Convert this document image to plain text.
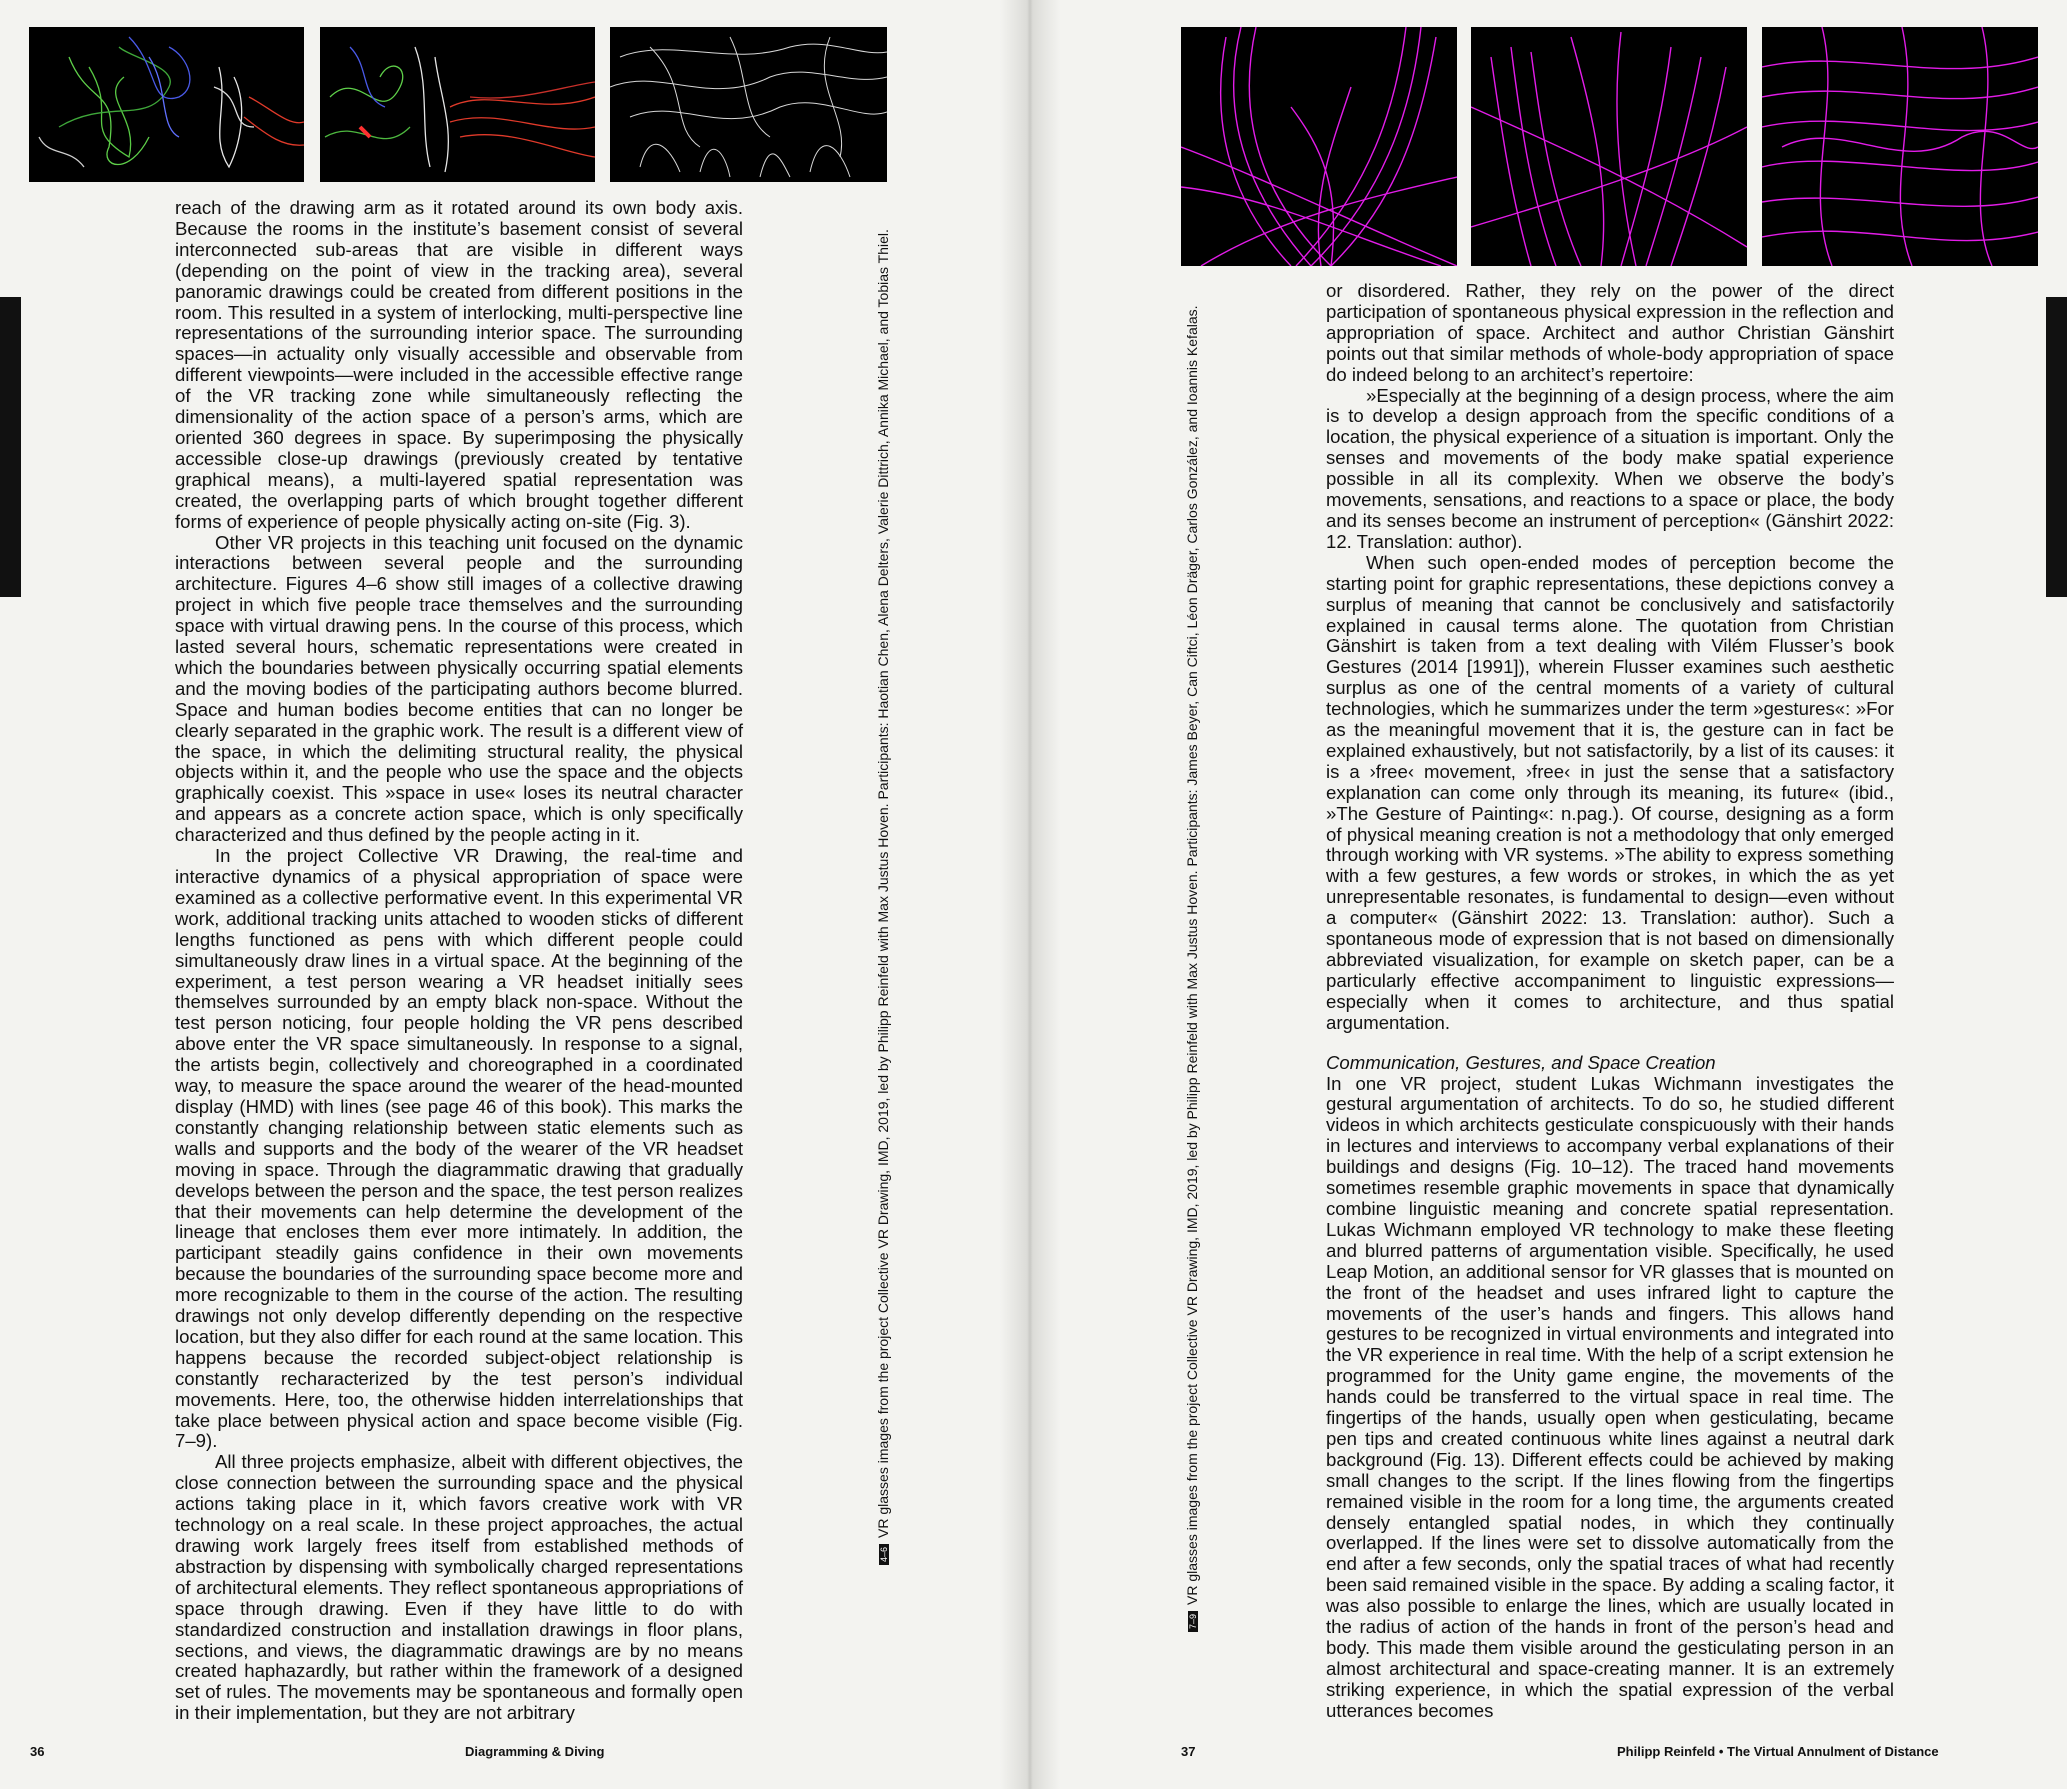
reach of the drawing arm as it rotated around its own body axis. Because the rooms in the institute’s basement consist of several interconnected sub-areas that are visible in different ways (depending on the point of view in the tracking area), several panoramic drawings could be created from different positions in the room. This resulted in a system of interlocking, multi-perspective line representations of the surrounding interior space. The surrounding spaces—in actuality only visually accessible and observable from different viewpoints—were included in the accessible effective range of the VR tracking zone while simultaneously reflecting the dimensionality of the action space of a person’s arms, which are oriented 360 degrees in space. By superimposing the physically accessible close-up drawings (previously created by tentative graphical means), a multi-layered spatial representation was created, the overlapping parts of which brought together different forms of experience of people physically acting on-site (Fig. 3).

Other VR projects in this teaching unit focused on the dynamic interactions between several people and the surrounding architecture. Figures 4–6 show still images of a collective drawing project in which five people trace themselves and the surrounding space with virtual drawing pens. In the course of this process, which lasted several hours, schematic representations were created in which the boundaries between physically occurring spatial elements and the moving bodies of the participating authors become blurred. Space and human bodies become entities that can no longer be clearly separated in the graphic work. The result is a different view of the space, in which the delimiting structural reality, the physical objects within it, and the people who use the space and the objects graphically coexist. This »space in use« loses its neutral character and appears as a concrete action space, which is only specifically characterized and thus defined by the people acting in it.

In the project Collective VR Drawing, the real-time and interactive dynamics of a physical appropriation of space were examined as a collective performative event. In this experimental VR work, additional tracking units attached to wooden sticks of different lengths functioned as pens with which different people could simultaneously draw lines in a virtual space. At the beginning of the experiment, a test person wearing a VR headset initially sees themselves surrounded by an empty black non-space. Without the test person noticing, four people holding the VR pens described above enter the VR space simultaneously. In response to a signal, the artists begin, collectively and choreographed in a coordinated way, to measure the space around the wearer of the head-mounted display (HMD) with lines (see page 46 of this book). This marks the constantly changing relationship between static elements such as walls and supports and the body of the wearer of the VR headset moving in space. Through the diagrammatic drawing that gradually develops between the person and the space, the test person realizes that their movements can help determine the development of the lineage that encloses them ever more intimately. In addition, the participant steadily gains confidence in their own movements because the boundaries of the surrounding space become more and more recognizable to them in the course of the action. The resulting drawings not only develop differently depending on the respective location, but they also differ for each round at the same location. This happens because the recorded subject-object relationship is constantly recharacterized by the test person’s individual movements. Here, too, the otherwise hidden interrelationships that take place between physical action and space become visible (Fig. 7–9).

All three projects emphasize, albeit with different objectives, the close connection between the surrounding space and the physical actions taking place in it, which favors creative work with VR technology on a real scale. In these project approaches, the actual drawing work largely frees itself from established methods of abstraction by dispensing with symbolically charged representations of architectural elements. They reflect spontaneous appropriations of space through drawing. Even if they have little to do with standardized construction and installation drawings in floor plans, sections, and views, the diagrammatic drawings are by no means created haphazardly, but rather within the framework of a designed set of rules. The movements may be spontaneous and formally open in their implementation, but they are not arbitrary

4–6VR glasses images from the project Collective VR Drawing, IMD, 2019, led by Philipp Reinfeld with Max Justus Hoven. Participants: Haotian Chen, Alena Delters, Valerie Dittrich, Annika Michael, and Tobias Thiel.
7–9VR glasses images from the project Collective VR Drawing, IMD, 2019, led by Philipp Reinfeld with Max Justus Hoven. Participants: James Beyer, Can Ciftci, Léon Dräger, Carlos González, and Ioannis Kefalas.

or disordered. Rather, they rely on the power of the direct participation of spontaneous physical expression in the reflection and appropriation of space. Architect and author Christian Gänshirt points out that similar methods of whole-body appropriation of space do indeed belong to an architect’s repertoire:

»Especially at the beginning of a design process, where the aim is to develop a design approach from the specific conditions of a location, the physical experience of a situation is important. Only the senses and movements of the body make spatial experience possible in all its complexity. When we observe the body’s movements, sensations, and reactions to a space or place, the body and its senses become an instrument of perception« (Gänshirt 2022: 12. Translation: author).

When such open-ended modes of perception become the starting point for graphic representations, these depictions convey a surplus of meaning that cannot be conclusively and satisfactorily explained in causal terms alone. The quotation from Christian Gänshirt is taken from a text dealing with Vilém Flusser’s book Gestures (2014 [1991]), wherein Flusser examines such aesthetic surplus as one of the central moments of a variety of cultural technologies, which he summarizes under the term »gestures«: »For as the meaningful movement that it is, the gesture can in fact be explained exhaustively, but not satisfactorily, by a list of its causes: it is a ›free‹ movement, ›free‹ in just the sense that a satisfactory explanation can come only through its meaning, its future« (ibid., »The Gesture of Painting«: n.pag.). Of course, designing as a form of physical meaning creation is not a methodology that only emerged through working with VR systems. »The ability to express something with a few gestures, a few words or strokes, in which the as yet unrepresentable resonates, is fundamental to design—even without a computer« (Gänshirt 2022: 13. Translation: author). Such a spontaneous mode of expression that is not based on dimensionally abbreviated visualization, for example on sketch paper, can be a particularly effective accompaniment to linguistic expressions—especially when it comes to architecture, and thus spatial argumentation.

Communication, Gestures, and Space Creation

In one VR project, student Lukas Wichmann investigates the gestural argumentation of architects. To do so, he studied different videos in which architects gesticulate conspicuously with their hands in lectures and interviews to accompany verbal explanations of their buildings and designs (Fig. 10–12). The traced hand movements sometimes resemble graphic movements in space that dynamically combine linguistic meaning and concrete spatial representation. Lukas Wichmann employed VR technology to make these fleeting and blurred patterns of argumentation visible. Specifically, he used Leap Motion, an additional sensor for VR glasses that is mounted on the front of the headset and uses infrared light to capture the movements of the user’s hands and fingers. This allows hand gestures to be recognized in virtual environments and integrated into the VR experience in real time. With the help of a script extension he programmed for the Unity game engine, the movements of the hands could be transferred to the virtual space in real time. The fingertips of the hands, usually open when gesticulating, became pen tips and created continuous white lines against a neutral dark background (Fig. 13). Different effects could be achieved by making small changes to the script. If the lines flowing from the fingertips remained visible in the room for a long time, the arguments created densely entangled spatial nodes, in which they continually overlapped. If the lines were set to dissolve automatically from the end after a few seconds, only the spatial traces of what had recently been said remained visible in the space. By adding a scaling factor, it was also possible to enlarge the lines, which are usually located in the radius of action of the hands in front of the person’s head and body. This made them visible around the gesticulating person in an almost architectural and space-creating manner. It is an extremely striking experience, in which the spatial expression of the verbal utterances becomes

36	Diagramming & Diving	37	Philipp Reinfeld • The Virtual Annulment of Distance
